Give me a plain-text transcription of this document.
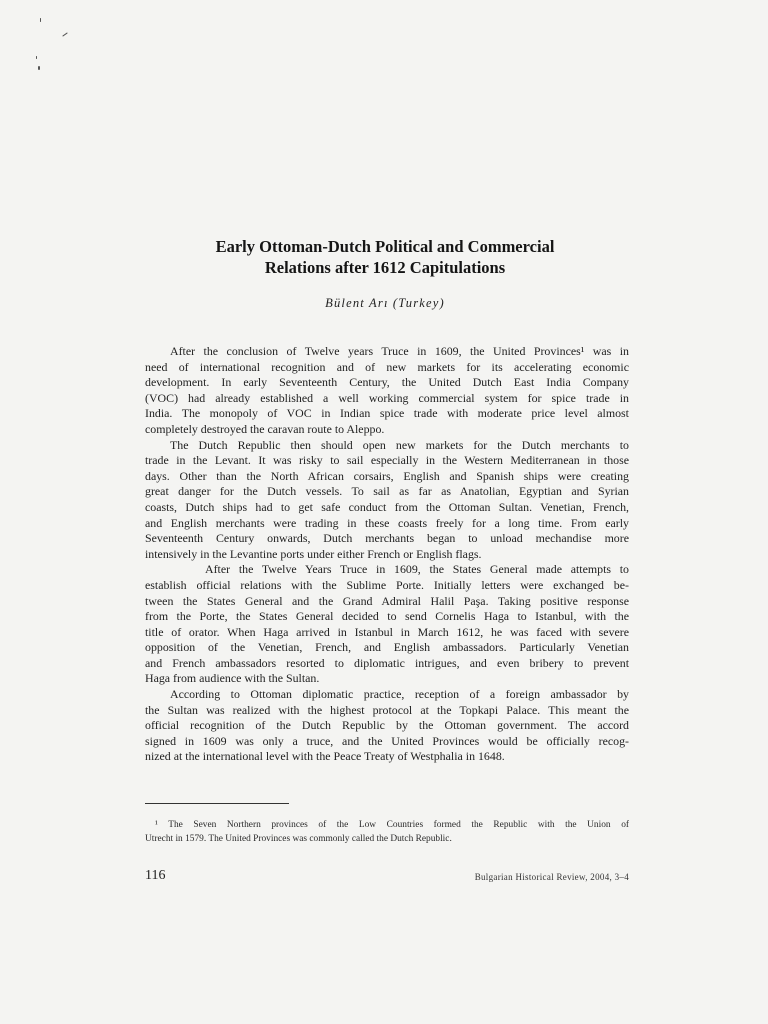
Early Ottoman-Dutch Political and Commercial
Relations after 1612 Capitulations
Bülent Arı (Turkey)
After the conclusion of Twelve years Truce in 1609, the United Provinces¹ was in
need of international recognition and of new markets for its accelerating economic
development. In early Seventeenth Century, the United Dutch East India Company
(VOC) had already established a well working commercial system for spice trade in
India. The monopoly of VOC in Indian spice trade with moderate price level almost
completely destroyed the caravan route to Aleppo.
The Dutch Republic then should open new markets for the Dutch merchants to
trade in the Levant. It was risky to sail especially in the Western Mediterranean in those
days. Other than the North African corsairs, English and Spanish ships were creating
great danger for the Dutch vessels. To sail as far as Anatolian, Egyptian and Syrian
coasts, Dutch ships had to get safe conduct from the Ottoman Sultan. Venetian, French,
and English merchants were trading in these coasts freely for a long time. From early
Seventeenth Century onwards, Dutch merchants began to unload mechandise more
intensively in the Levantine ports under either French or English flags.
After the Twelve Years Truce in 1609, the States General made attempts to
establish official relations with the Sublime Porte. Initially letters were exchanged be-
tween the States General and the Grand Admiral Halil Paşa. Taking positive response
from the Porte, the States General decided to send Cornelis Haga to Istanbul, with the
title of orator. When Haga arrived in Istanbul in March 1612, he was faced with severe
opposition of the Venetian, French, and English ambassadors. Particularly Venetian
and French ambassadors resorted to diplomatic intrigues, and even bribery to prevent
Haga from audience with the Sultan.
According to Ottoman diplomatic practice, reception of a foreign ambassador by
the Sultan was realized with the highest protocol at the Topkapi Palace. This meant the
official recognition of the Dutch Republic by the Ottoman government. The accord
signed in 1609 was only a truce, and the United Provinces would be officially recog-
nized at the international level with the Peace Treaty of Westphalia in 1648.
¹ The Seven Northern provinces of the Low Countries formed the Republic with the Union of
Utrecht in 1579. The United Provinces was commonly called the Dutch Republic.
116	Bulgarian Historical Review, 2004, 3–4
